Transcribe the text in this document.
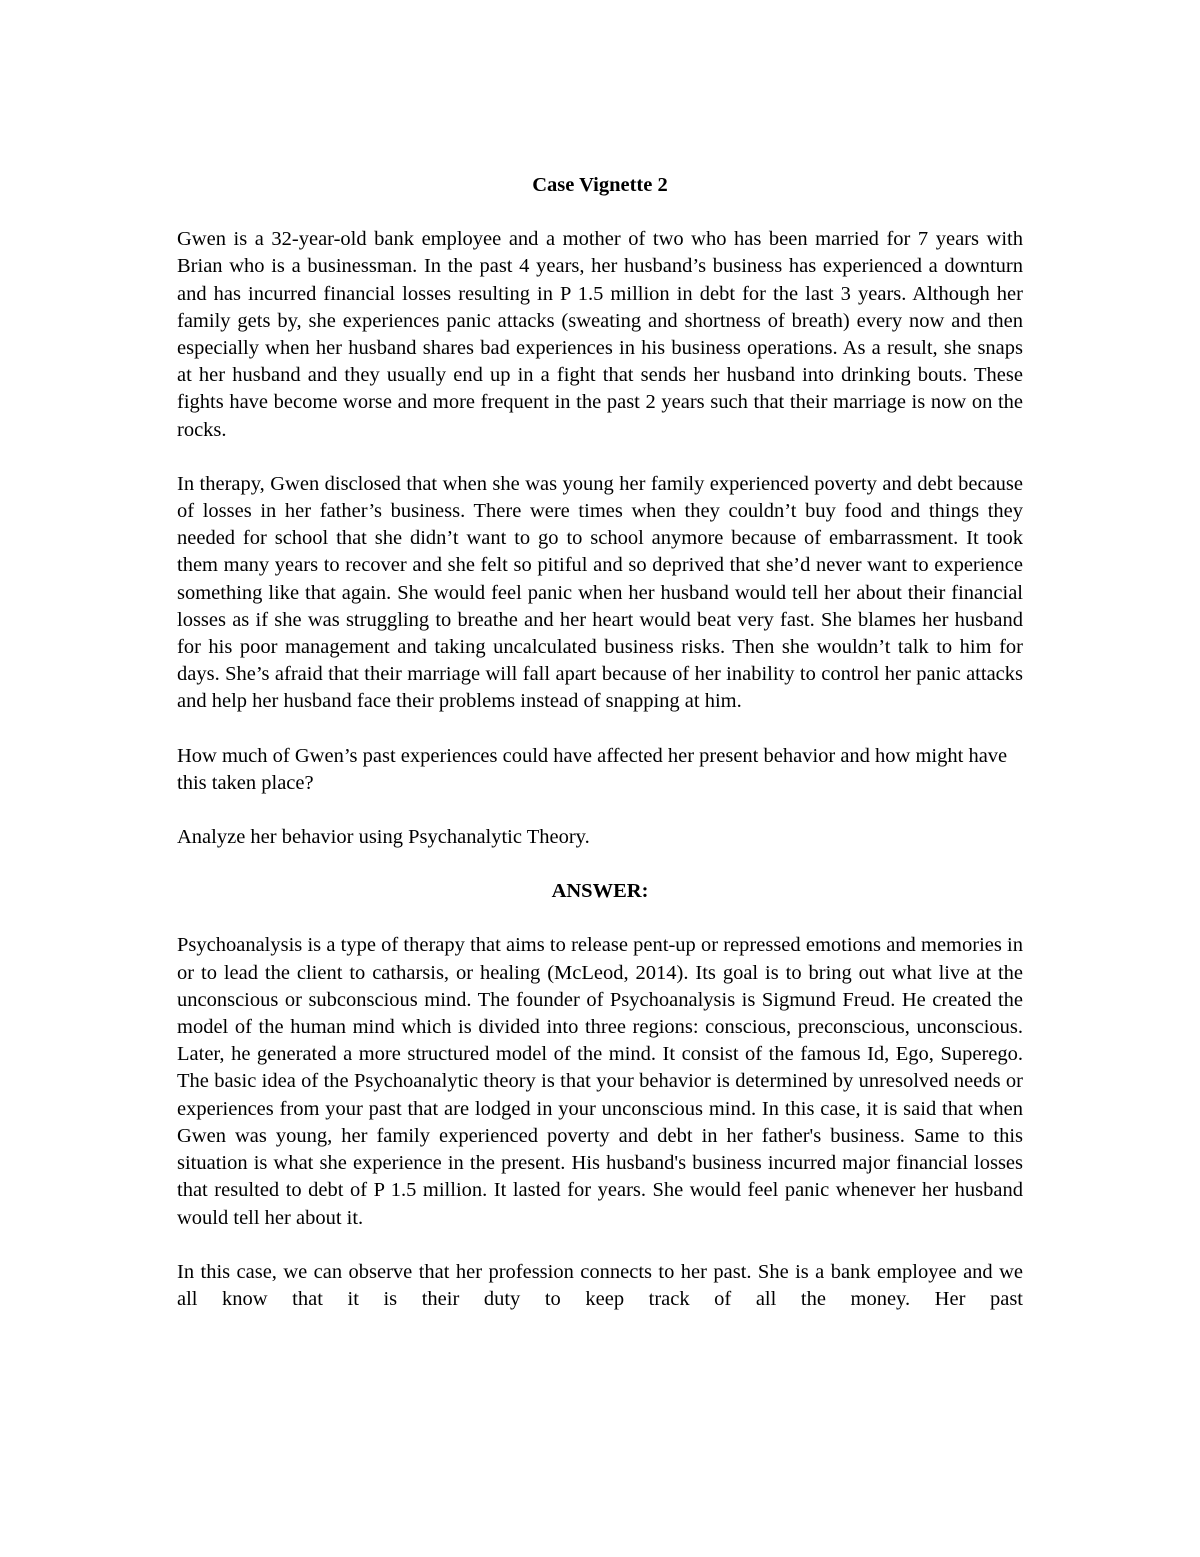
Case Vignette 2

Gwen is a 32-year-old bank employee and a mother of two who has been married for 7 years with Brian who is a businessman. In the past 4 years, her husband’s business has experienced a downturn and has incurred financial losses resulting in P 1.5 million in debt for the last 3 years. Although her family gets by, she experiences panic attacks (sweating and shortness of breath) every now and then especially when her husband shares bad experiences in his business operations. As a result, she snaps at her husband and they usually end up in a fight that sends her husband into drinking bouts. These fights have become worse and more frequent in the past 2 years such that their marriage is now on the rocks.

In therapy, Gwen disclosed that when she was young her family experienced poverty and debt because of losses in her father’s business. There were times when they couldn’t buy food and things they needed for school that she didn’t want to go to school anymore because of embarrassment. It took them many years to recover and she felt so pitiful and so deprived that she’d never want to experience something like that again. She would feel panic when her husband would tell her about their financial losses as if she was struggling to breathe and her heart would beat very fast. She blames her husband for his poor management and taking uncalculated business risks. Then she wouldn’t talk to him for days. She’s afraid that their marriage will fall apart because of her inability to control her panic attacks and help her husband face their problems instead of snapping at him.

How much of Gwen’s past experiences could have affected her present behavior and how might have this taken place?

Analyze her behavior using Psychanalytic Theory.

ANSWER:

Psychoanalysis is a type of therapy that aims to release pent-up or repressed emotions and memories in or to lead the client to catharsis, or healing (McLeod, 2014). Its goal is to bring out what live at the unconscious or subconscious mind. The founder of Psychoanalysis is Sigmund Freud. He created the model of the human mind which is divided into three regions: conscious, preconscious, unconscious. Later, he generated a more structured model of the mind. It consist of the famous Id, Ego, Superego. The basic idea of the Psychoanalytic theory is that your behavior is determined by unresolved needs or experiences from your past that are lodged in your unconscious mind. In this case, it is said that when Gwen was young, her family experienced poverty and debt in her father's business. Same to this situation is what she experience in the present. His husband's business incurred major financial losses that resulted to debt of P 1.5 million. It lasted for years. She would feel panic whenever her husband would tell her about it.

In this case, we can observe that her profession connects to her past. She is a bank employee and we all know that it is their duty to keep track of all the money. Her past
